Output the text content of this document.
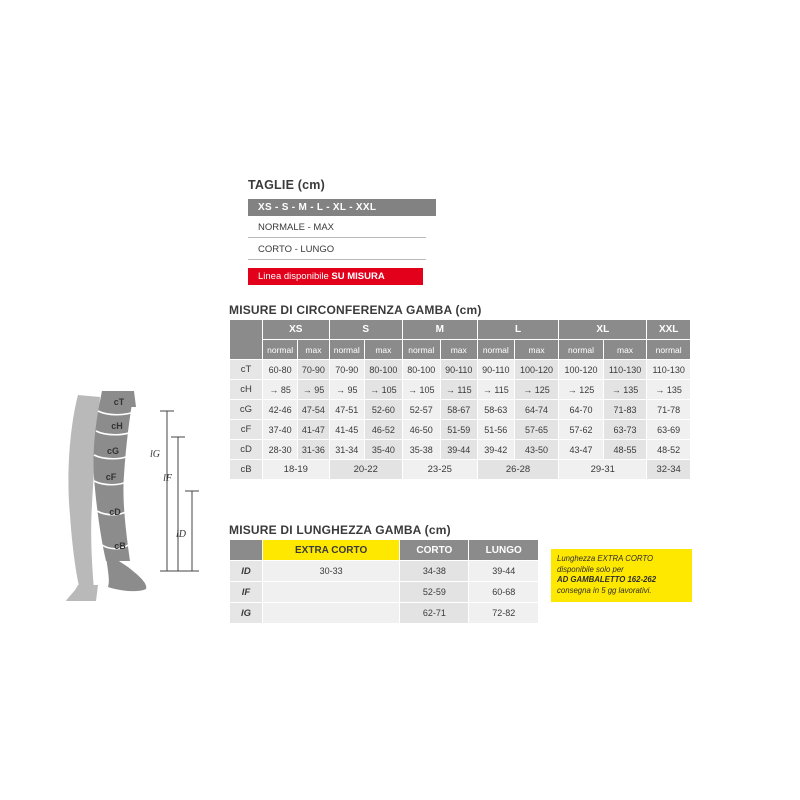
cT
cH
cG
cF
cD
cB
lG
lF
lD
TAGLIE (cm)
XS - S - M - L - XL - XXL
NORMALE - MAX
CORTO - LUNGO
Linea disponibile SU MISURA
MISURE DI CIRCONFERENZA GAMBA (cm)
	XS		S		M		L		XL		XXL
	normal	max	normal	max	normal	max	normal	max	normal	max	normal
cT	60-80	70-90	70-90	80-100	80-100	90-110	90-110	100-120	100-120	110-130	110-130
cH	→ 85	→ 95	→ 95	→ 105	→ 105	→ 115	→ 115	→ 125	→ 125	→ 135	→ 135
cG	42-46	47-54	47-51	52-60	52-57	58-67	58-63	64-74	64-70	71-83	71-78
cF	37-40	41-47	41-45	46-52	46-50	51-59	51-56	57-65	57-62	63-73	63-69
cD	28-30	31-36	31-34	35-40	35-38	39-44	39-42	43-50	43-47	48-55	48-52
cB	18-19		20-22		23-25		26-28		29-31		32-34
MISURE DI LUNGHEZZA GAMBA (cm)
	EXTRA CORTO	CORTO	LUNGO
lD	30-33	34-38	39-44
lF		52-59	60-68
lG		62-71	72-82
Lunghezza EXTRA CORTO
disponibile solo per
AD GAMBALETTO 162-262
consegna in 5 gg lavorativi.
